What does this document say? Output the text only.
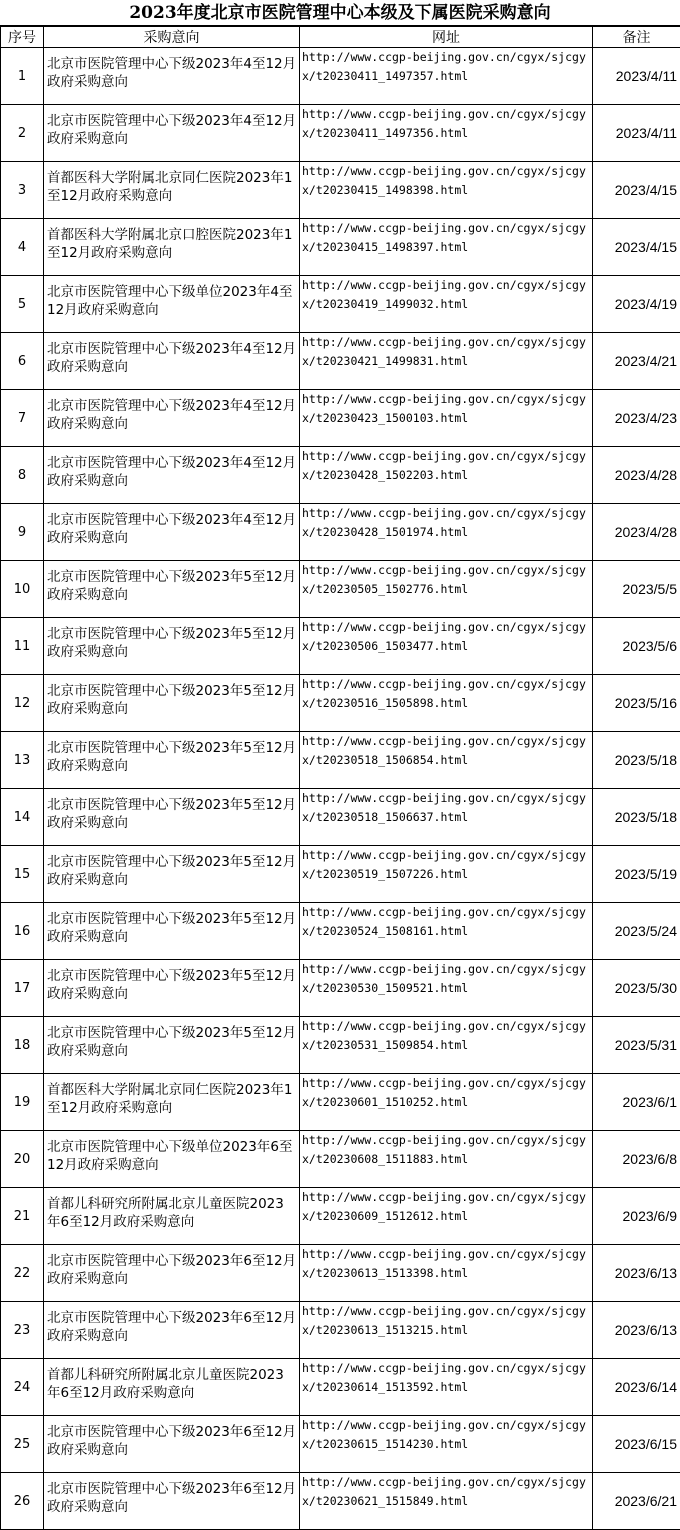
2023年度北京市医院管理中心本级及下属医院采购意向
序号	采购意向	网址	备注
1	北京市医院管理中心下级2023年4至12月政府采购意向	http://www.ccgp-beijing.gov.cn/cgyx/sjcgyx/t20230411_1497357.html	2023/4/11
2	北京市医院管理中心下级2023年4至12月政府采购意向	http://www.ccgp-beijing.gov.cn/cgyx/sjcgyx/t20230411_1497356.html	2023/4/11
3	首都医科大学附属北京同仁医院2023年1至12月政府采购意向	http://www.ccgp-beijing.gov.cn/cgyx/sjcgyx/t20230415_1498398.html	2023/4/15
4	首都医科大学附属北京口腔医院2023年1至12月政府采购意向	http://www.ccgp-beijing.gov.cn/cgyx/sjcgyx/t20230415_1498397.html	2023/4/15
5	北京市医院管理中心下级单位2023年4至12月政府采购意向	http://www.ccgp-beijing.gov.cn/cgyx/sjcgyx/t20230419_1499032.html	2023/4/19
6	北京市医院管理中心下级2023年4至12月政府采购意向	http://www.ccgp-beijing.gov.cn/cgyx/sjcgyx/t20230421_1499831.html	2023/4/21
7	北京市医院管理中心下级2023年4至12月政府采购意向	http://www.ccgp-beijing.gov.cn/cgyx/sjcgyx/t20230423_1500103.html	2023/4/23
8	北京市医院管理中心下级2023年4至12月政府采购意向	http://www.ccgp-beijing.gov.cn/cgyx/sjcgyx/t20230428_1502203.html	2023/4/28
9	北京市医院管理中心下级2023年4至12月政府采购意向	http://www.ccgp-beijing.gov.cn/cgyx/sjcgyx/t20230428_1501974.html	2023/4/28
10	北京市医院管理中心下级2023年5至12月政府采购意向	http://www.ccgp-beijing.gov.cn/cgyx/sjcgyx/t20230505_1502776.html	2023/5/5
11	北京市医院管理中心下级2023年5至12月政府采购意向	http://www.ccgp-beijing.gov.cn/cgyx/sjcgyx/t20230506_1503477.html	2023/5/6
12	北京市医院管理中心下级2023年5至12月政府采购意向	http://www.ccgp-beijing.gov.cn/cgyx/sjcgyx/t20230516_1505898.html	2023/5/16
13	北京市医院管理中心下级2023年5至12月政府采购意向	http://www.ccgp-beijing.gov.cn/cgyx/sjcgyx/t20230518_1506854.html	2023/5/18
14	北京市医院管理中心下级2023年5至12月政府采购意向	http://www.ccgp-beijing.gov.cn/cgyx/sjcgyx/t20230518_1506637.html	2023/5/18
15	北京市医院管理中心下级2023年5至12月政府采购意向	http://www.ccgp-beijing.gov.cn/cgyx/sjcgyx/t20230519_1507226.html	2023/5/19
16	北京市医院管理中心下级2023年5至12月政府采购意向	http://www.ccgp-beijing.gov.cn/cgyx/sjcgyx/t20230524_1508161.html	2023/5/24
17	北京市医院管理中心下级2023年5至12月政府采购意向	http://www.ccgp-beijing.gov.cn/cgyx/sjcgyx/t20230530_1509521.html	2023/5/30
18	北京市医院管理中心下级2023年5至12月政府采购意向	http://www.ccgp-beijing.gov.cn/cgyx/sjcgyx/t20230531_1509854.html	2023/5/31
19	首都医科大学附属北京同仁医院2023年1至12月政府采购意向	http://www.ccgp-beijing.gov.cn/cgyx/sjcgyx/t20230601_1510252.html	2023/6/1
20	北京市医院管理中心下级单位2023年6至12月政府采购意向	http://www.ccgp-beijing.gov.cn/cgyx/sjcgyx/t20230608_1511883.html	2023/6/8
21	首都儿科研究所附属北京儿童医院2023年6至12月政府采购意向	http://www.ccgp-beijing.gov.cn/cgyx/sjcgyx/t20230609_1512612.html	2023/6/9
22	北京市医院管理中心下级2023年6至12月政府采购意向	http://www.ccgp-beijing.gov.cn/cgyx/sjcgyx/t20230613_1513398.html	2023/6/13
23	北京市医院管理中心下级2023年6至12月政府采购意向	http://www.ccgp-beijing.gov.cn/cgyx/sjcgyx/t20230613_1513215.html	2023/6/13
24	首都儿科研究所附属北京儿童医院2023年6至12月政府采购意向	http://www.ccgp-beijing.gov.cn/cgyx/sjcgyx/t20230614_1513592.html	2023/6/14
25	北京市医院管理中心下级2023年6至12月政府采购意向	http://www.ccgp-beijing.gov.cn/cgyx/sjcgyx/t20230615_1514230.html	2023/6/15
26	北京市医院管理中心下级2023年6至12月政府采购意向	http://www.ccgp-beijing.gov.cn/cgyx/sjcgyx/t20230621_1515849.html	2023/6/21
